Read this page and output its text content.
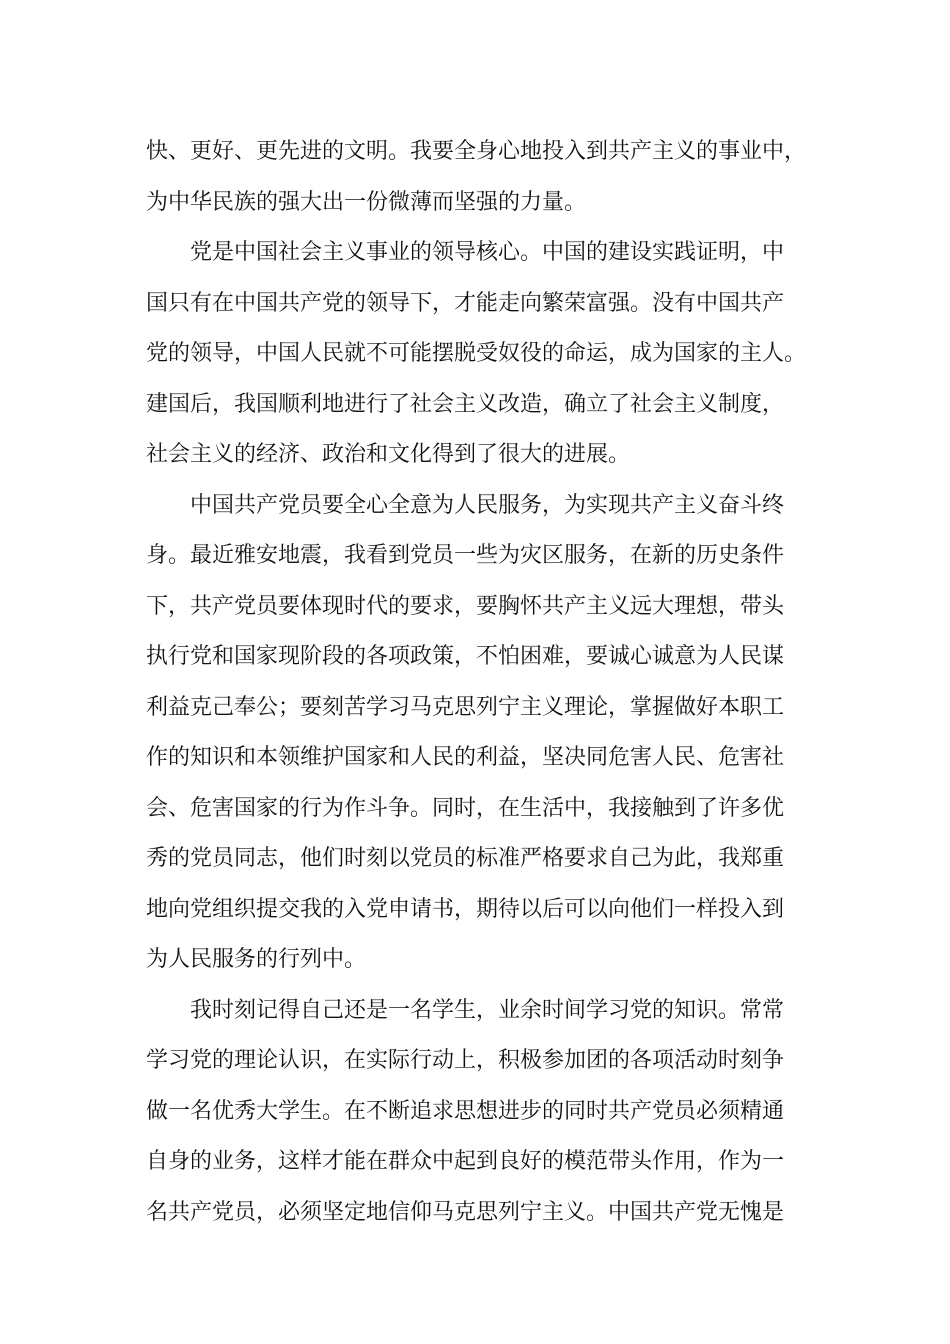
快、更好、更先进的文明。我要全身心地投入到共产主义的事业中，
为中华民族的强大出一份微薄而坚强的力量。
党是中国社会主义事业的领导核心。中国的建设实践证明，中
国只有在中国共产党的领导下，才能走向繁荣富强。没有中国共产
党的领导，中国人民就不可能摆脱受奴役的命运，成为国家的主人。
建国后，我国顺利地进行了社会主义改造，确立了社会主义制度，
社会主义的经济、政治和文化得到了很大的进展。
中国共产党员要全心全意为人民服务，为实现共产主义奋斗终
身。最近雅安地震，我看到党员一些为灾区服务，在新的历史条件
下，共产党员要体现时代的要求，要胸怀共产主义远大理想，带头
执行党和国家现阶段的各项政策，不怕困难，要诚心诚意为人民谋
利益克己奉公；要刻苦学习马克思列宁主义理论，掌握做好本职工
作的知识和本领维护国家和人民的利益，坚决同危害人民、危害社
会、危害国家的行为作斗争。同时，在生活中，我接触到了许多优
秀的党员同志，他们时刻以党员的标准严格要求自己为此，我郑重
地向党组织提交我的入党申请书，期待以后可以向他们一样投入到
为人民服务的行列中。
我时刻记得自己还是一名学生，业余时间学习党的知识。常常
学习党的理论认识，在实际行动上，积极参加团的各项活动时刻争
做一名优秀大学生。在不断追求思想进步的同时共产党员必须精通
自身的业务，这样才能在群众中起到良好的模范带头作用，作为一
名共产党员，必须坚定地信仰马克思列宁主义。中国共产党无愧是
